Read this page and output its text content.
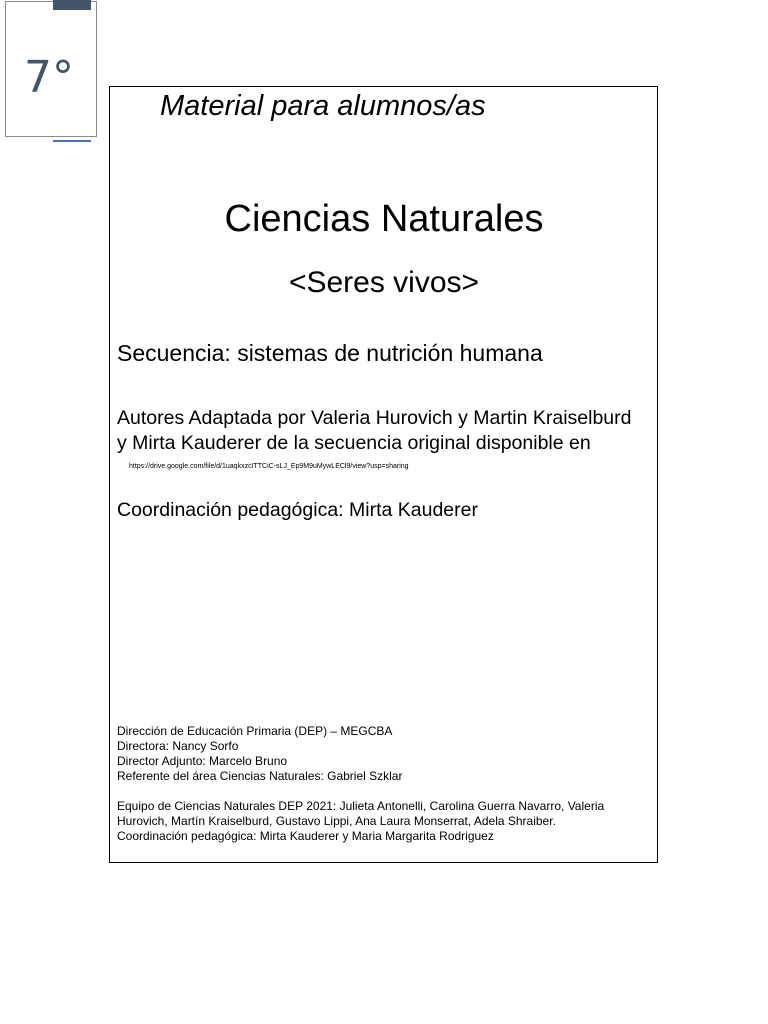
7°
Material para alumnos/as
Ciencias Naturales
<Seres vivos>
Secuencia: sistemas de nutrición humana
Autores Adaptada por Valeria Hurovich y Martin Kraiselburd y Mirta Kauderer de la secuencia original disponible en $^{https://drive.google.com/file/d/1uaqkxzcITTCiC-sLJ\_Ep9M9uMywLECl9/view?usp=sharing}$
Coordinación pedagógica: Mirta Kauderer
Dirección de Educación Primaria (DEP) – MEGCBA
Directora: Nancy Sorfo
Director Adjunto: Marcelo Bruno
Referente del área Ciencias Naturales: Gabriel Szklar
Equipo de Ciencias Naturales DEP 2021: Julieta Antonelli, Carolina Guerra Navarro, Valeria
Hurovich, Martín Kraiselburd, Gustavo Lippi, Ana Laura Monserrat, Adela Shraiber.
Coordinación pedagógica: Mirta Kauderer y Maria Margarita Rodriguez
